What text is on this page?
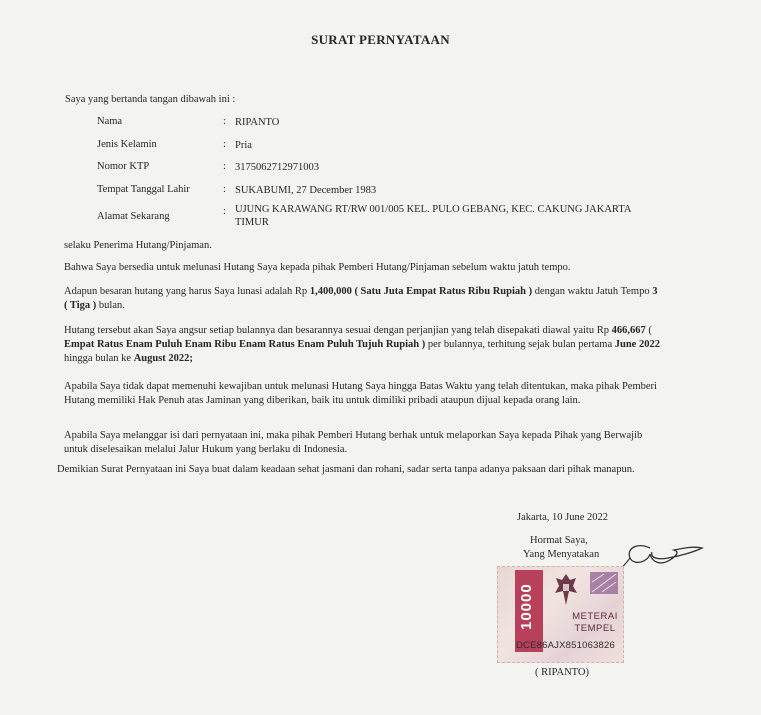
SURAT PERNYATAAN
Saya yang bertanda tangan dibawah ini :
Nama	: RIPANTO
Jenis Kelamin	: Pria
Nomor KTP	: 3175062712971003
Tempat Tanggal Lahir	: SUKABUMI, 27 December 1983
Alamat Sekarang	: UJUNG KARAWANG RT/RW 001/005 KEL. PULO GEBANG, KEC. CAKUNG JAKARTA
TIMUR
selaku Penerima Hutang/Pinjaman.
Bahwa Saya bersedia untuk melunasi Hutang Saya kepada pihak Pemberi Hutang/Pinjaman sebelum waktu jatuh tempo.
Adapun besaran hutang yang harus Saya lunasi adalah Rp 1,400,000 ( Satu Juta Empat Ratus Ribu Rupiah ) dengan waktu Jatuh Tempo 3
( Tiga ) bulan.
Hutang tersebut akan Saya angsur setiap bulannya dan besarannya sesuai dengan perjanjian yang telah disepakati diawal yaitu Rp 466,667 (
Empat Ratus Enam Puluh Enam Ribu Enam Ratus Enam Puluh Tujuh Rupiah ) per bulannya, terhitung sejak bulan pertama June 2022
hingga bulan ke August 2022;
Apabila Saya tidak dapat memenuhi kewajiban untuk melunasi Hutang Saya hingga Batas Waktu yang telah ditentukan, maka pihak Pemberi
Hutang memiliki Hak Penuh atas Jaminan yang diberikan, baik itu untuk dimiliki pribadi ataupun dijual kepada orang lain.
Apabila Saya melanggar isi dari pernyataan ini, maka pihak Pemberi Hutang berhak untuk melaporkan Saya kepada Pihak yang Berwajib
untuk diselesaikan melalui Jalur Hukum yang berlaku di Indonesia.
Demikian Surat Pernyataan ini Saya buat dalam keadaan sehat jasmani dan rohani, sadar serta tanpa adanya paksaan dari pihak manapun.
Jakarta, 10 June 2022
Hormat Saya,
Yang Menyatakan
10000	METERAI
TEMPEL
DCE86AJX851063826
( RIPANTO)
